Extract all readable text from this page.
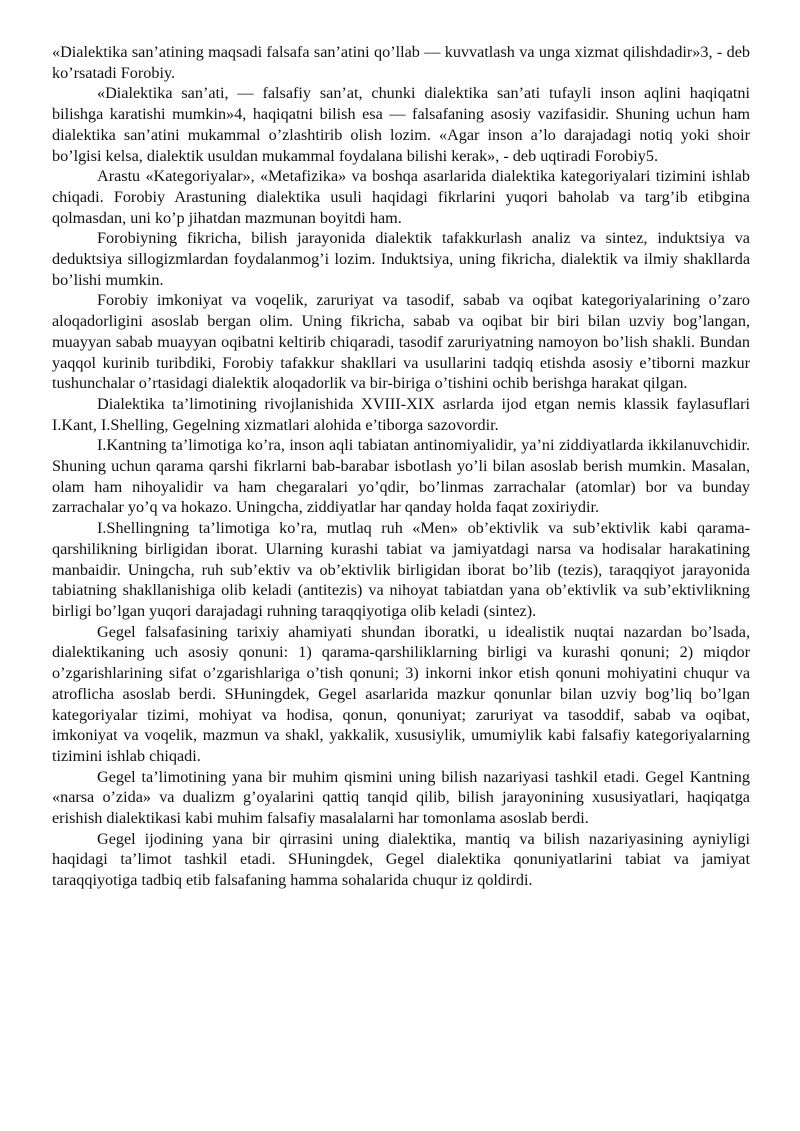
«Dialektika san’atining maqsadi falsafa san’atini qo’llab — kuvvatlash va unga xizmat qilishdadir»3, - deb ko’rsatadi Forobiy.

«Dialektika san’ati, — falsafiy san’at, chunki dialektika san’ati tufayli inson aqlini haqiqatni bilishga karatishi mumkin»4, haqiqatni bilish esa — falsafaning asosiy vazifasidir. Shuning uchun ham dialektika san’atini mukammal o’zlashtirib olish lozim. «Agar inson a’lo darajadagi notiq yoki shoir bo’lgisi kelsa, dialektik usuldan mukammal foydalana bilishi kerak», - deb uqtiradi Forobiy5.

Arastu «Kategoriyalar», «Metafizika» va boshqa asarlarida dialektika kategoriyalari tizimini ishlab chiqadi. Forobiy Arastuning dialektika usuli haqidagi fikrlarini yuqori baholab va targ’ib etibgina qolmasdan, uni ko’p jihatdan mazmunan boyitdi ham.

Forobiyning fikricha, bilish jarayonida dialektik tafakkurlash analiz va sintez, induktsiya va deduktsiya sillogizmlardan foydalanmog’i lozim. Induktsiya, uning fikricha, dialektik va ilmiy shakllarda bo’lishi mumkin.

Forobiy imkoniyat va voqelik, zaruriyat va tasodif, sabab va oqibat kategoriyalarining o’zaro aloqadorligini asoslab bergan olim. Uning fikricha, sabab va oqibat bir biri bilan uzviy bog’langan, muayyan sabab muayyan oqibatni keltirib chiqaradi, tasodif zaruriyatning namoyon bo’lish shakli. Bundan yaqqol kurinib turibdiki, Forobiy tafakkur shakllari va usullarini tadqiq etishda asosiy e’tiborni mazkur tushunchalar o’rtasidagi dialektik aloqadorlik va bir-biriga o’tishini ochib berishga harakat qilgan.

Dialektika ta’limotining rivojlanishida XVIII-XIX asrlarda ijod etgan nemis klassik faylasuflari I.Kant, I.Shelling, Gegelning xizmatlari alohida e’tiborga sazovordir.

I.Kantning ta’limotiga ko’ra, inson aqli tabiatan antinomiyalidir, ya’ni ziddiyatlarda ikkilanuvchidir. Shuning uchun qarama qarshi fikrlarni bab-barabar isbotlash yo’li bilan asoslab berish mumkin. Masalan, olam ham nihoyalidir va ham chegaralari yo’qdir, bo’linmas zarrachalar (atomlar) bor va bunday zarrachalar yo’q va hokazo. Uningcha, ziddiyatlar har qanday holda faqat zoxiriydir.

I.Shellingning ta’limotiga ko’ra, mutlaq ruh «Men» ob’ektivlik va sub’ektivlik kabi qarama-qarshilikning birligidan iborat. Ularning kurashi tabiat va jamiyatdagi narsa va hodisalar harakatining manbaidir. Uningcha, ruh sub’ektiv va ob’ektivlik birligidan iborat bo’lib (tezis), taraqqiyot jarayonida tabiatning shakllanishiga olib keladi (antitezis) va nihoyat tabiatdan yana ob’ektivlik va sub’ektivlikning birligi bo’lgan yuqori darajadagi ruhning taraqqiyotiga olib keladi (sintez).

Gegel falsafasining tarixiy ahamiyati shundan iboratki, u idealistik nuqtai nazardan bo’lsada, dialektikaning uch asosiy qonuni: 1) qarama-qarshiliklarning birligi va kurashi qonuni; 2) miqdor o’zgarishlarining sifat o’zgarishlariga o’tish qonuni; 3) inkorni inkor etish qonuni mohiyatini chuqur va atroflicha asoslab berdi. SHuningdek, Gegel asarlarida mazkur qonunlar bilan uzviy bog’liq bo’lgan kategoriyalar tizimi, mohiyat va hodisa, qonun, qonuniyat; zaruriyat va tasoddif, sabab va oqibat, imkoniyat va voqelik, mazmun va shakl, yakkalik, xususiylik, umumiylik kabi falsafiy kategoriyalarning tizimini ishlab chiqadi.

Gegel ta’limotining yana bir muhim qismini uning bilish nazariyasi tashkil etadi. Gegel Kantning «narsa o’zida» va dualizm g’oyalarini qattiq tanqid qilib, bilish jarayonining xususiyatlari, haqiqatga erishish dialektikasi kabi muhim falsafiy masalalarni har tomonlama asoslab berdi.

Gegel ijodining yana bir qirrasini uning dialektika, mantiq va bilish nazariyasining ayniyligi haqidagi ta’limot tashkil etadi. SHuningdek, Gegel dialektika qonuniyatlarini tabiat va jamiyat taraqqiyotiga tadbiq etib falsafaning hamma sohalarida chuqur iz qoldirdi.
